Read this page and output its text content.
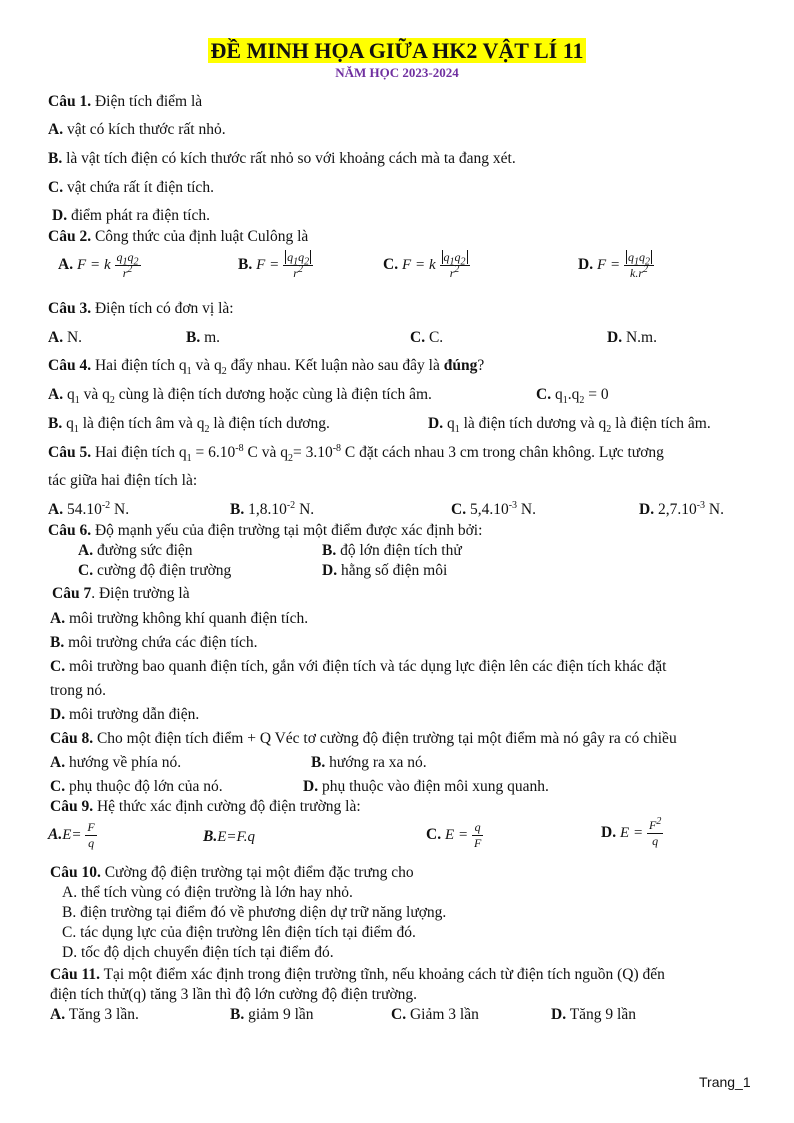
ĐỀ MINH HỌA GIỮA HK2 VẬT LÍ 11
NĂM HỌC 2023-2024
Câu 1. Điện tích điểm là
A. vật có kích thước rất nhỏ.
B. là vật tích điện có kích thước rất nhỏ so với khoảng cách mà ta đang xét.
C. vật chứa rất ít điện tích.
D. điểm phát ra điện tích.
Câu 2. Công thức của định luật Culông là
A. F = k $\frac{q_1q_2}{r^2}$	B. $F = \frac{q_1q_2}{r^2}$	C. F = k $\frac{q_1q_2}{r^2}$	D. $F = \frac{q_1q_2}{k.r^2}$
Câu 3. Điện tích có đơn vị là:
A. N.	B. m.	C. C.	D. N.m.
Câu 4. Hai điện tích $q_1$ và $q_2$ đẩy nhau. Kết luận nào sau đây là đúng?
A. $q_1$ và $q_2$ cùng là điện tích dương hoặc cùng là điện tích âm.	C. $q_1.q_2 = 0$
B. $q_1$ là điện tích âm và $q_2$ là điện tích dương.	D. $q_1$ là điện tích dương và $q_2$ là điện tích âm.
Câu 5. Hai điện tích $q_1 = 6.10^{-8}$ C và $q_2= 3.10^{-8}$ C đặt cách nhau 3 cm trong chân không. Lực tương
tác giữa hai điện tích là:
A. $54.10^{-2}$ N.	B. $1,8.10^{-2}$ N.	C. $5,4.10^{-3}$ N.	D. $2,7.10^{-3}$ N.
Câu 6. Độ mạnh yếu của điện trường tại một điểm được xác định bởi:
A. đường sức điện	B. độ lớn điện tích thử
C. cường độ điện trường	D. hằng số điện môi
Câu 7. Điện trường là
A. môi trường không khí quanh điện tích.
B. môi trường chứa các điện tích.
C. môi trường bao quanh điện tích, gắn với điện tích và tác dụng lực điện lên các điện tích khác đặt
trong nó.
D. môi trường dẫn điện.
Câu 8. Cho một điện tích điểm + Q Véc tơ cường độ điện trường tại một điểm mà nó gây ra có chiều
A. hướng về phía nó.	B. hướng ra xa nó.
C. phụ thuộc độ lớn của nó.	D. phụ thuộc vào điện môi xung quanh.
Câu 9. Hệ thức xác định cường độ điện trường là:
$A.E= \frac{F}{q}$	B.E=F.q	C. $E = \frac{q}{F}$	D. $E = \frac{F^2}{q}$
Câu 10. Cường độ điện trường tại một điểm đặc trưng cho
A. thể tích vùng có điện trường là lớn hay nhỏ.
B. điện trường tại điểm đó về phương diện dự trữ năng lượng.
C. tác dụng lực của điện trường lên điện tích tại điểm đó.
D. tốc độ dịch chuyển điện tích tại điểm đó.
Câu 11. Tại một điểm xác định trong điện trường tĩnh, nếu khoảng cách từ điện tích nguồn (Q) đến
điện tích thử(q) tăng 3 lần thì độ lớn cường độ điện trường.
A. Tăng 3 lần.	B. giảm 9 lần	C. Giảm 3 lần	D. Tăng 9 lần
Trang_1
